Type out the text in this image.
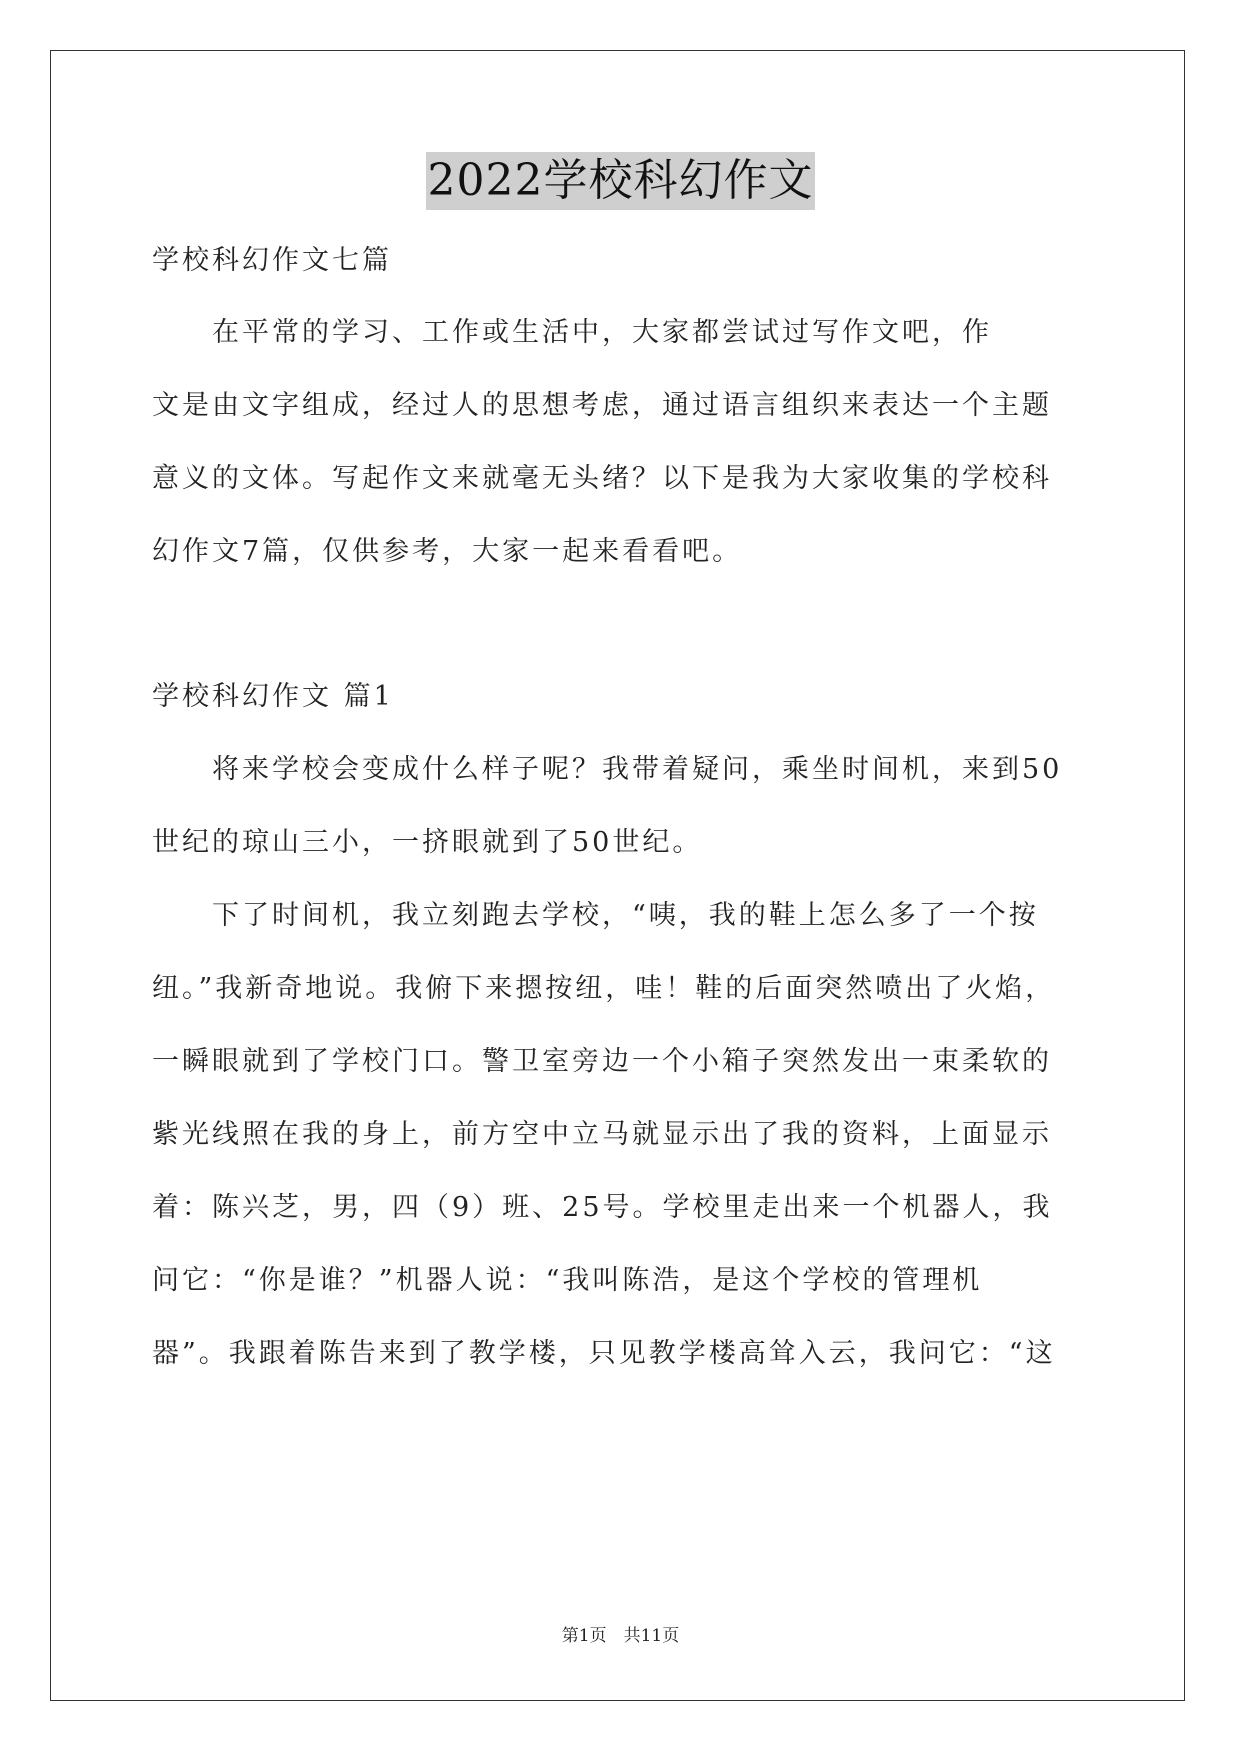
2022学校科幻作文
学校科幻作文七篇
　　在平常的学习、工作或生活中，大家都尝试过写作文吧，作
文是由文字组成，经过人的思想考虑，通过语言组织来表达一个主题
意义的文体。写起作文来就毫无头绪？以下是我为大家收集的学校科
幻作文7篇，仅供参考，大家一起来看看吧。
学校科幻作文 篇1
　　将来学校会变成什么样子呢？我带着疑问，乘坐时间机，来到50
世纪的琼山三小，一挤眼就到了50世纪。
　　下了时间机，我立刻跑去学校，“咦，我的鞋上怎么多了一个按
纽。”我新奇地说。我俯下来摁按纽，哇！鞋的后面突然喷出了火焰，
一瞬眼就到了学校门口。警卫室旁边一个小箱子突然发出一束柔软的
紫光线照在我的身上，前方空中立马就显示出了我的资料，上面显示
着：陈兴芝，男，四（9）班、25号。学校里走出来一个机器人，我
问它：“你是谁？”机器人说：“我叫陈浩，是这个学校的管理机
器”。我跟着陈告来到了教学楼，只见教学楼高耸入云，我问它：“这
第1页　共11页
